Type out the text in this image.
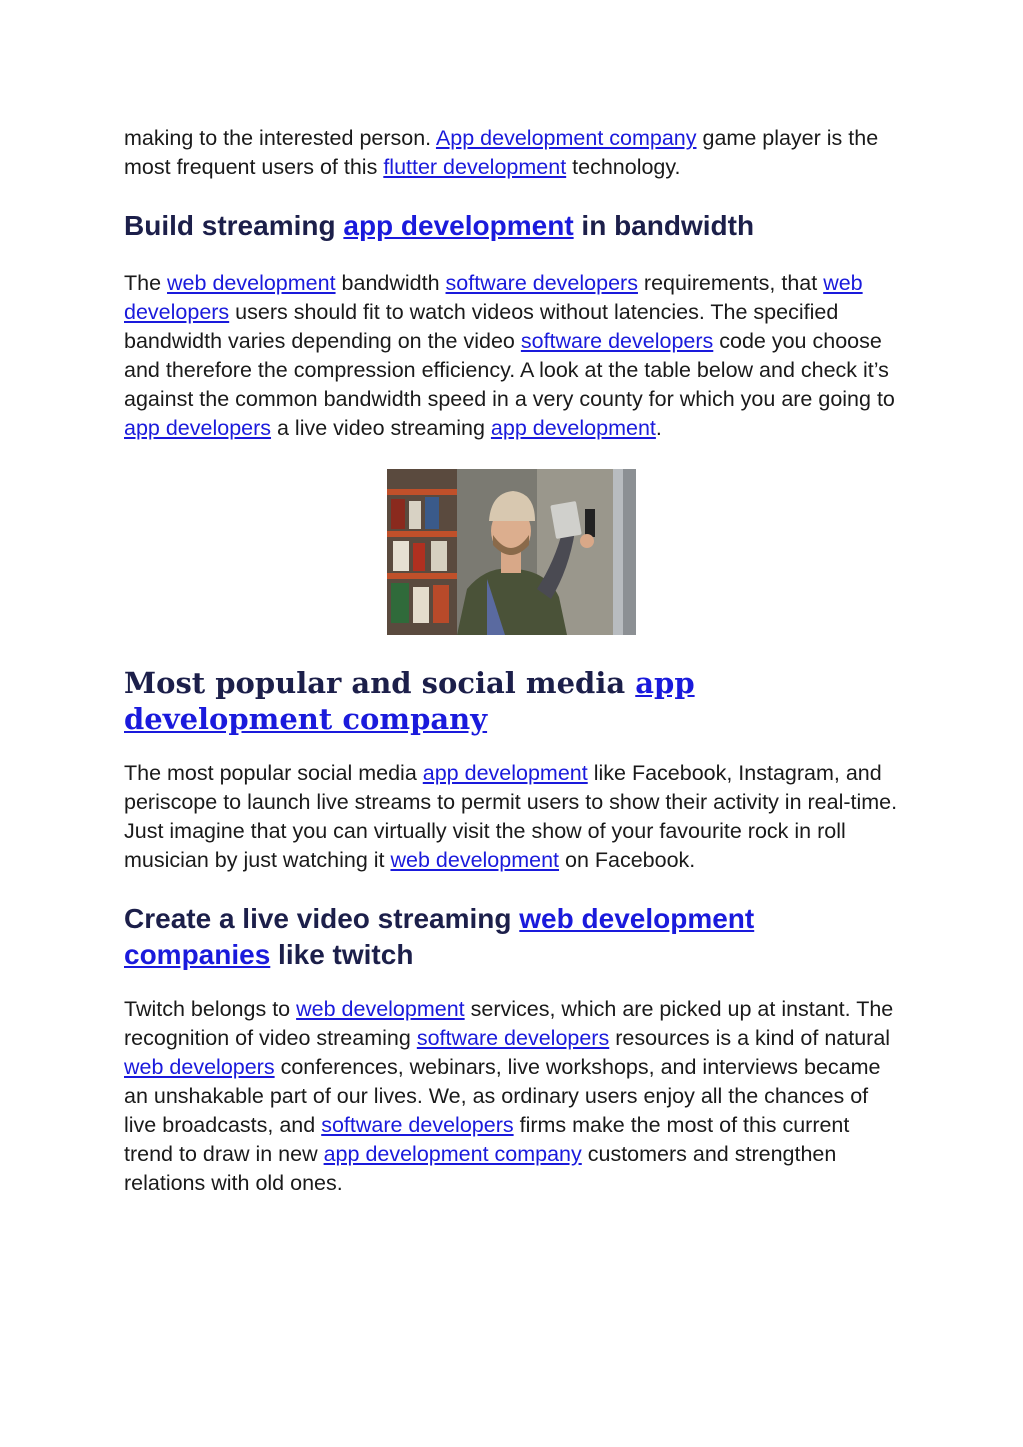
making to the interested person. App development company game player is the most frequent users of this flutter development technology.

Build streaming app development in bandwidth

The web development bandwidth software developers requirements, that web developers users should fit to watch videos without latencies. The specified bandwidth varies depending on the video software developers code you choose and therefore the compression efficiency. A look at the table below and check it’s against the common bandwidth speed in a very county for which you are going to app developers a live video streaming app development.

Most popular and social media app development company

The most popular social media app development like Facebook, Instagram, and periscope to launch live streams to permit users to show their activity in real-time. Just imagine that you can virtually visit the show of your favourite rock in roll musician by just watching it web development on Facebook.

Create a live video streaming web development companies like twitch

Twitch belongs to web development services, which are picked up at instant. The recognition of video streaming software developers resources is a kind of natural web developers conferences, webinars, live workshops, and interviews became an unshakable part of our lives. We, as ordinary users enjoy all the chances of live broadcasts, and software developers firms make the most of this current trend to draw in new app development company customers and strengthen relations with old ones.
